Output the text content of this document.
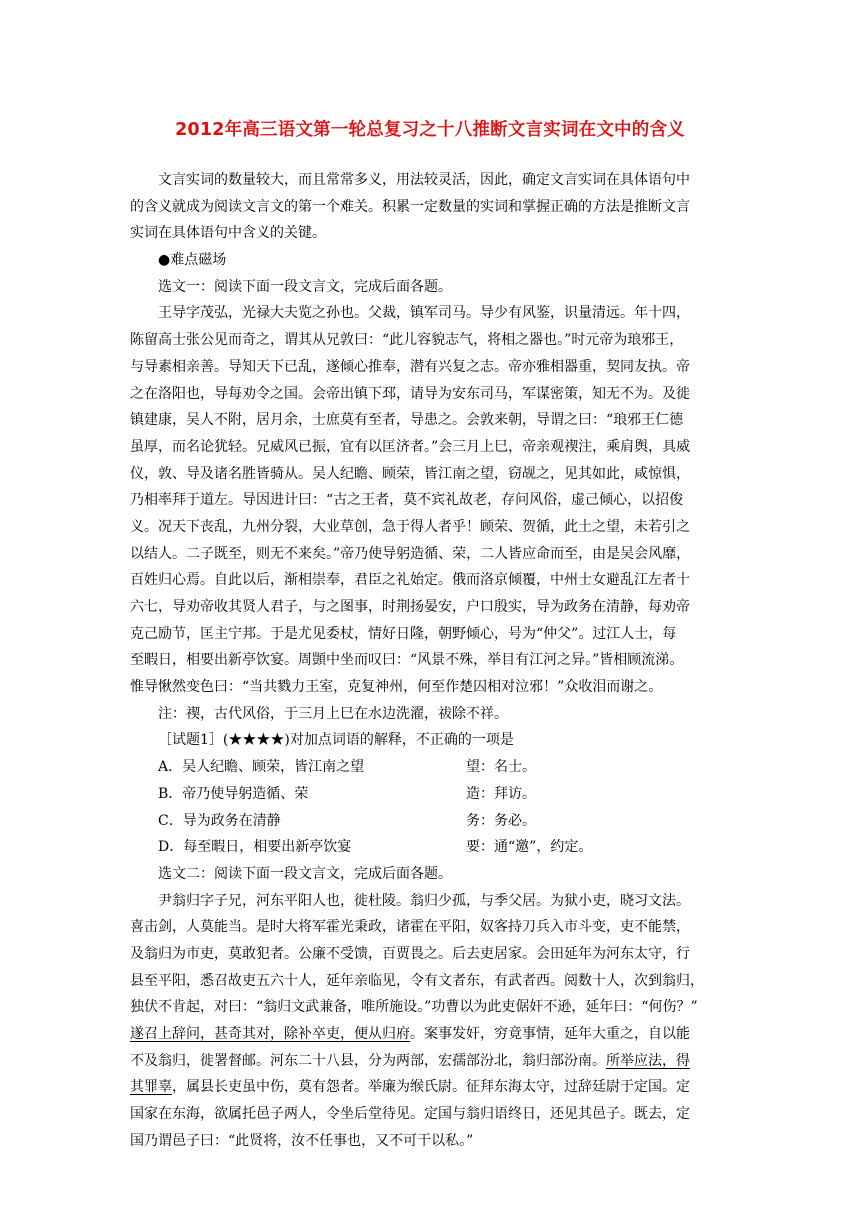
2012年高三语文第一轮总复习之十八推断文言实词在文中的含义
文言实词的数量较大，而且常常多义，用法较灵活，因此，确定文言实词在具体语句中
的含义就成为阅读文言文的第一个难关。积累一定数量的实词和掌握正确的方法是推断文言
实词在具体语句中含义的关键。
●难点磁场
选文一：阅读下面一段文言文，完成后面各题。
王导字茂弘，光禄大夫览之孙也。父裁，镇军司马。导少有风鉴，识量清远。年十四，
陈留高士张公见而奇之，谓其从兄敦曰：“此儿容貌志气，将相之器也。”时元帝为琅邪王，
与导素相亲善。导知天下已乱，遂倾心推奉，潜有兴复之志。帝亦雅相器重，契同友执。帝
之在洛阳也，导每劝令之国。会帝出镇下邳，请导为安东司马，军谋密策，知无不为。及徙
镇建康，吴人不附，居月余，士庶莫有至者，导患之。会敦来朝，导谓之曰：“琅邪王仁德
虽厚，而名论犹轻。兄威风已振，宜有以匡济者。”会三月上巳，帝亲观禊注，乘肩舆，具威
仪，敦、导及诸名胜皆骑从。吴人纪瞻、顾荣，皆江南之望，窃觇之，见其如此，咸惊惧，
乃相率拜于道左。导因进计曰：“古之王者，莫不宾礼故老，存问风俗，虚己倾心，以招俊
义。况天下丧乱，九州分裂，大业草创，急于得人者乎！顾荣、贺循，此土之望，未若引之
以结人。二子既至，则无不来矣。”帝乃使导躬造循、荣，二人皆应命而至，由是吴会风靡，
百姓归心焉。自此以后，渐相崇奉，君臣之礼始定。俄而洛京倾覆，中州士女避乱江左者十
六七，导劝帝收其贤人君子，与之图事，时荆扬晏安，户口殷实，导为政务在清静，每劝帝
克己励节，匡主宁邦。于是尤见委杖，情好日隆，朝野倾心，号为“仲父”。过江人士，每
至暇日，相要出新亭饮宴。周顗中坐而叹曰：“风景不殊，举目有江河之异。”皆相顾流涕。
惟导愀然变色曰：“当共戮力王室，克复神州，何至作楚囚相对泣邪！”众收泪而谢之。
注：禊，古代风俗，于三月上巳在水边洗濯，祓除不祥。
［试题1］(★★★★)对加点词语的解释，不正确的一项是
A．吴人纪瞻、顾荣，皆江南之望	望：名士。
B．帝乃使导躬造循、荣	造：拜访。
C．导为政务在清静	务：务必。
D．每至暇日，相要出新亭饮宴	要：通“邀”，约定。
选文二：阅读下面一段文言文，完成后面各题。
尹翁归字子兄，河东平阳人也，徙杜陵。翁归少孤，与季父居。为狱小吏，晓习文法。
喜击剑，人莫能当。是时大将军霍光秉政，诸霍在平阳，奴客持刀兵入市斗变，吏不能禁，
及翁归为市吏，莫敢犯者。公廉不受馈，百贾畏之。后去吏居家。会田延年为河东太守，行
县至平阳，悉召故吏五六十人，延年亲临见，令有文者东，有武者西。阅数十人，次到翁归，
独伏不肯起，对曰：“翁归文武兼备，唯所施设。”功曹以为此吏倨奸不逊，延年曰：“何伤？”
遂召上辞问，甚奇其对，除补卒吏，便从归府。案事发奸，穷竟事情，延年大重之，自以能
不及翁归，徙署督邮。河东二十八县，分为两部，宏孺部汾北，翁归部汾南。所举应法，得
其罪辜，属县长吏虽中伤，莫有怨者。举廉为缑氏尉。征拜东海太守，过辞廷尉于定国。定
国家在东海，欲属托邑子两人，令坐后堂待见。定国与翁归语终日，还见其邑子。既去，定
国乃谓邑子曰：“此贤将，汝不任事也，又不可干以私。”
